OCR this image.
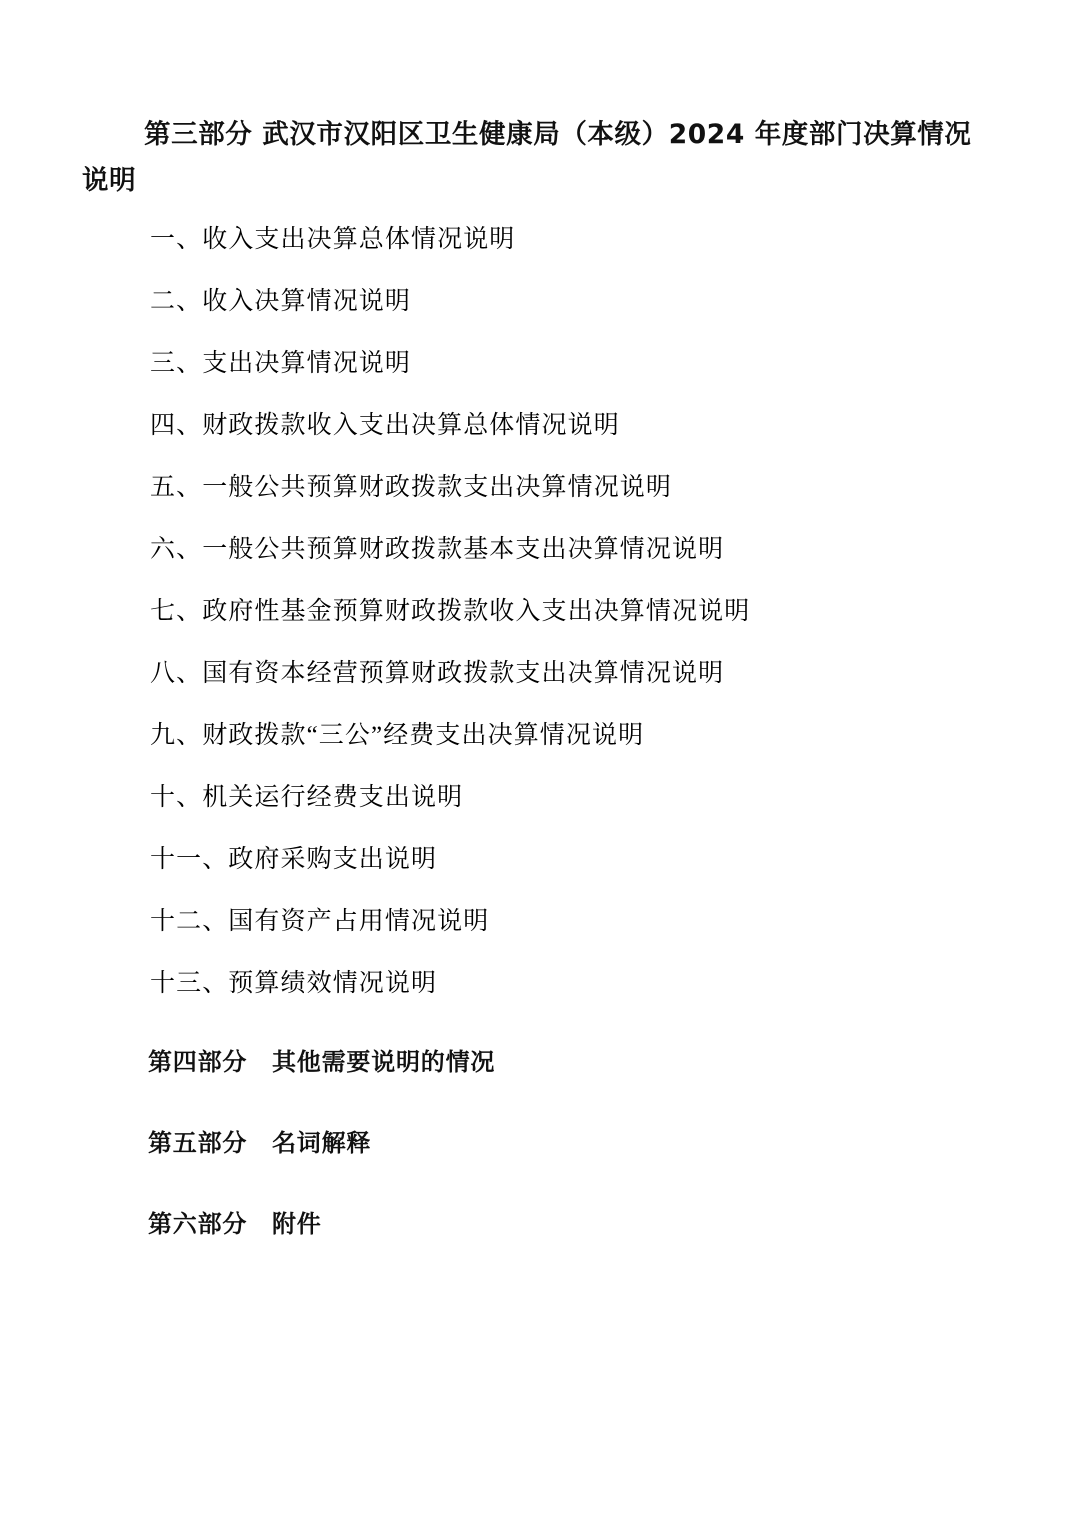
第三部分 武汉市汉阳区卫生健康局（本级）2024 年度部门决算情况说明
一、收入支出决算总体情况说明
二、收入决算情况说明
三、支出决算情况说明
四、财政拨款收入支出决算总体情况说明
五、一般公共预算财政拨款支出决算情况说明
六、一般公共预算财政拨款基本支出决算情况说明
七、政府性基金预算财政拨款收入支出决算情况说明
八、国有资本经营预算财政拨款支出决算情况说明
九、财政拨款“三公”经费支出决算情况说明
十、机关运行经费支出说明
十一、政府采购支出说明
十二、国有资产占用情况说明
十三、预算绩效情况说明
第四部分　其他需要说明的情况
第五部分　名词解释
第六部分　附件
